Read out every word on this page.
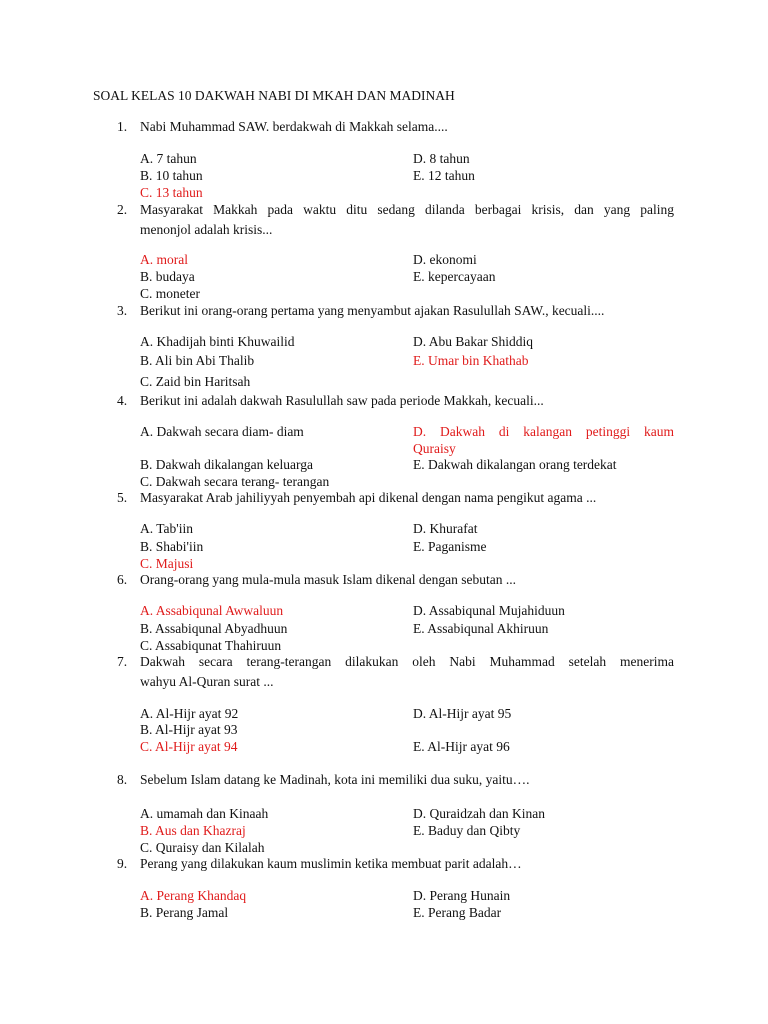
SOAL KELAS 10 DAKWAH NABI DI MKAH DAN MADINAH
1. Nabi Muhammad SAW. berdakwah di Makkah selama....
A. 7 tahun	D. 8 tahun
B. 10 tahun	E. 12 tahun
C. 13 tahun
2. Masyarakat Makkah pada waktu ditu sedang dilanda berbagai krisis, dan yang paling
menonjol adalah krisis...
A. moral	D. ekonomi
B. budaya	E. kepercayaan
C. moneter
3. Berikut ini orang-orang pertama yang menyambut ajakan Rasulullah SAW., kecuali....
A. Khadijah binti Khuwailid	D. Abu Bakar Shiddiq
B. Ali bin Abi Thalib	E. Umar bin Khathab
C. Zaid bin Haritsah
4. Berikut ini adalah dakwah Rasulullah saw pada periode Makkah, kecuali...
A. Dakwah secara diam- diam	D. Dakwah di kalangan petinggi kaum
Quraisy
B. Dakwah dikalangan keluarga	E. Dakwah dikalangan orang terdekat
C. Dakwah secara terang- terangan
5. Masyarakat Arab jahiliyyah penyembah api dikenal dengan nama pengikut agama ...
A. Tab'iin	D. Khurafat
B. Shabi'iin	E. Paganisme
C. Majusi
6. Orang-orang yang mula-mula masuk Islam dikenal dengan sebutan ...
A. Assabiqunal Awwaluun	D. Assabiqunal Mujahiduun
B. Assabiqunal Abyadhuun	E. Assabiqunal Akhiruun
C. Assabiqunat Thahiruun
7. Dakwah secara terang-terangan dilakukan oleh Nabi Muhammad setelah menerima
wahyu Al-Quran surat ...
A. Al-Hijr ayat 92	D. Al-Hijr ayat 95
B. Al-Hijr ayat 93
C. Al-Hijr ayat 94	E. Al-Hijr ayat 96
8. Sebelum Islam datang ke Madinah, kota ini memiliki dua suku, yaitu….
A. umamah dan Kinaah	D. Quraidzah dan Kinan
B. Aus dan Khazraj	E. Baduy dan Qibty
C. Quraisy dan Kilalah
9. Perang yang dilakukan kaum muslimin ketika membuat parit adalah…
A. Perang Khandaq	D. Perang Hunain
B. Perang Jamal	E. Perang Badar
